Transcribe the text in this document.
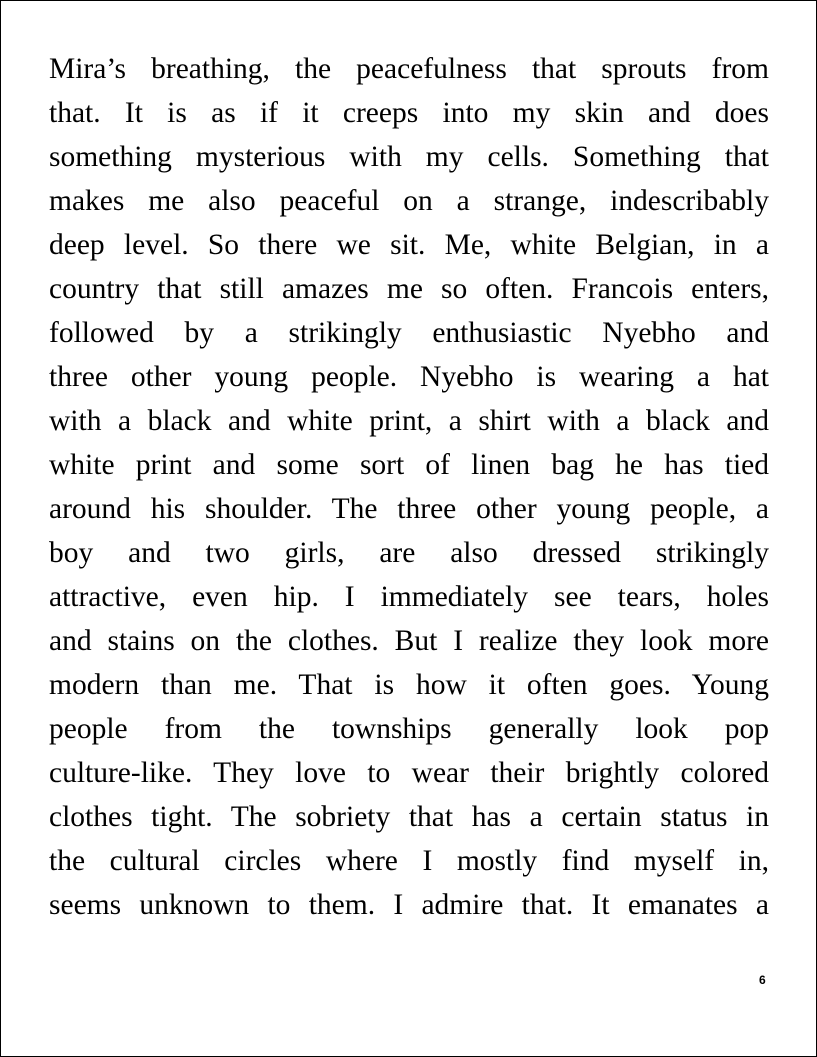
Mira’s breathing, the peacefulness that sprouts from
that. It is as if it creeps into my skin and does
something mysterious with my cells. Something that
makes me also peaceful on a strange, indescribably
deep level. So there we sit. Me, white Belgian, in a
country that still amazes me so often. Francois enters,
followed by a strikingly enthusiastic Nyebho and
three other young people. Nyebho is wearing a hat
with a black and white print, a shirt with a black and
white print and some sort of linen bag he has tied
around his shoulder. The three other young people, a
boy and two girls, are also dressed strikingly
attractive, even hip. I immediately see tears, holes
and stains on the clothes. But I realize they look more
modern than me. That is how it often goes. Young
people from the townships generally look pop
culture-like. They love to wear their brightly colored
clothes tight. The sobriety that has a certain status in
the cultural circles where I mostly find myself in,
seems unknown to them. I admire that. It emanates a
6
